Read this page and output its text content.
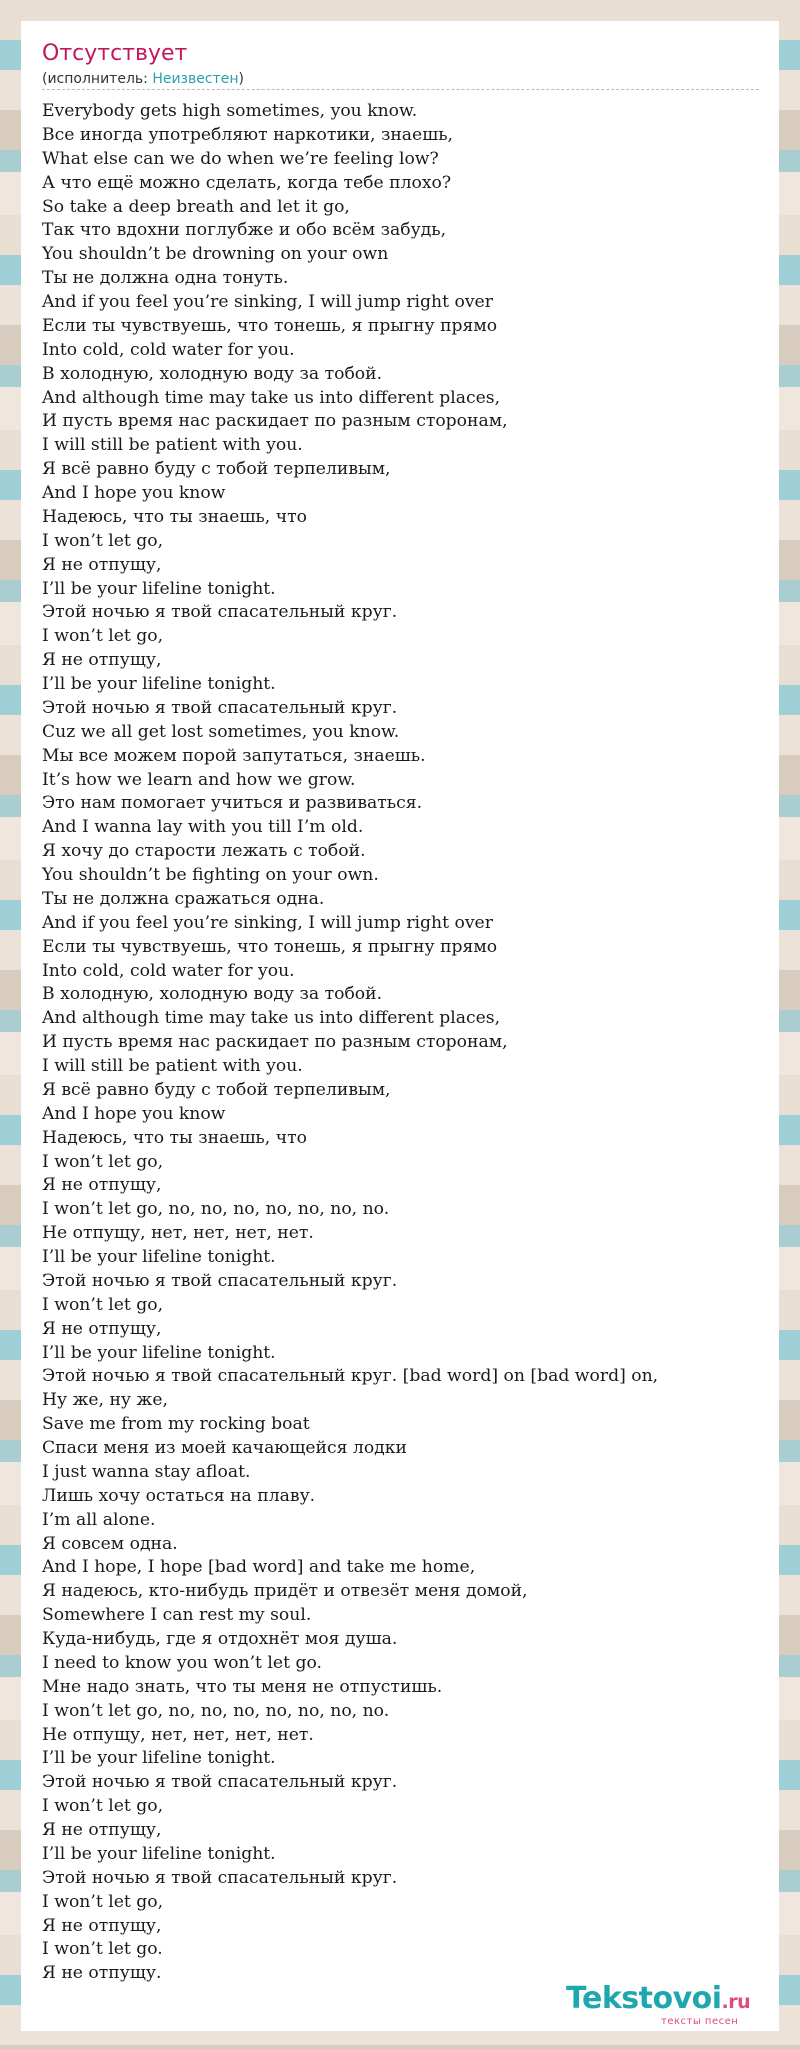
Отсутствует
(исполнитель: Неизвестен)
Everybody gets high sometimes, you know.
Все иногда употребляют наркотики, знаешь,
What else can we do when we’re feeling low?
А что ещё можно сделать, когда тебе плохо?
So take a deep breath and let it go,
Так что вдохни поглубже и обо всём забудь,
You shouldn’t be drowning on your own
Ты не должна одна тонуть.
And if you feel you’re sinking, I will jump right over
Если ты чувствуешь, что тонешь, я прыгну прямо
Into cold, cold water for you.
В холодную, холодную воду за тобой.
And although time may take us into different places,
И пусть время нас раскидает по разным сторонам,
I will still be patient with you.
Я всё равно буду с тобой терпеливым,
And I hope you know
Надеюсь, что ты знаешь, что
I won’t let go,
Я не отпущу,
I’ll be your lifeline tonight.
Этой ночью я твой спасательный круг.
I won’t let go,
Я не отпущу,
I’ll be your lifeline tonight.
Этой ночью я твой спасательный круг.
Cuz we all get lost sometimes, you know.
Мы все можем порой запутаться, знаешь.
It’s how we learn and how we grow.
Это нам помогает учиться и развиваться.
And I wanna lay with you till I’m old.
Я хочу до старости лежать с тобой.
You shouldn’t be fighting on your own.
Ты не должна сражаться одна.
And if you feel you’re sinking, I will jump right over
Если ты чувствуешь, что тонешь, я прыгну прямо
Into cold, cold water for you.
В холодную, холодную воду за тобой.
And although time may take us into different places,
И пусть время нас раскидает по разным сторонам,
I will still be patient with you.
Я всё равно буду с тобой терпеливым,
And I hope you know
Надеюсь, что ты знаешь, что
I won’t let go,
Я не отпущу,
I won’t let go, no, no, no, no, no, no, no.
Не отпущу, нет, нет, нет, нет.
I’ll be your lifeline tonight.
Этой ночью я твой спасательный круг.
I won’t let go,
Я не отпущу,
I’ll be your lifeline tonight.
Этой ночью я твой спасательный круг. [bad word] on [bad word] on,
Ну же, ну же,
Save me from my rocking boat
Спаси меня из моей качающейся лодки
I just wanna stay afloat.
Лишь хочу остаться на плаву.
I’m all alone.
Я совсем одна.
And I hope, I hope [bad word] and take me home,
Я надеюсь, кто-нибудь придёт и отвезёт меня домой,
Somewhere I can rest my soul.
Куда-нибудь, где я отдохнёт моя душа.
I need to know you won’t let go.
Мне надо знать, что ты меня не отпустишь.
I won’t let go, no, no, no, no, no, no, no.
Не отпущу, нет, нет, нет, нет.
I’ll be your lifeline tonight.
Этой ночью я твой спасательный круг.
I won’t let go,
Я не отпущу,
I’ll be your lifeline tonight.
Этой ночью я твой спасательный круг.
I won’t let go,
Я не отпущу,
I won’t let go.
Я не отпущу.
Tekstovoi.ru
тексты песен
